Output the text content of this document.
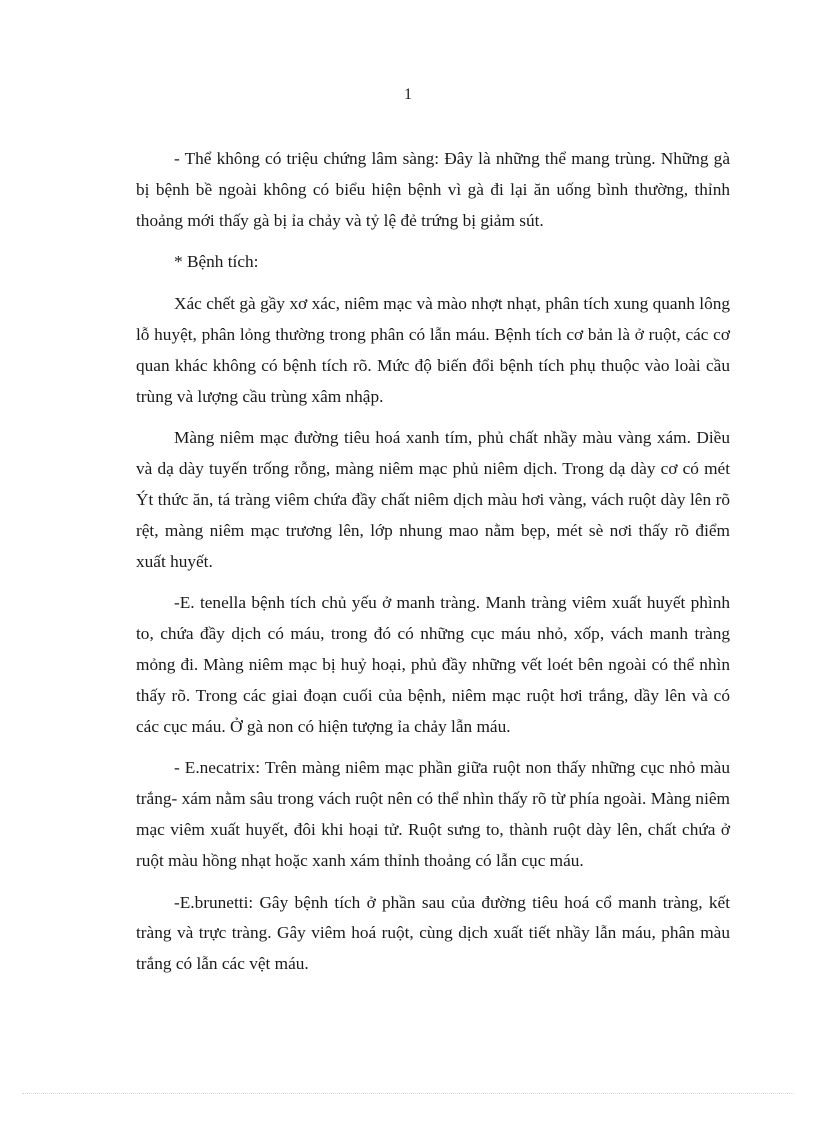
1

- Thể không có triệu chứng lâm sàng: Đây là những thể mang trùng. Những gà bị bệnh bề ngoài không có biểu hiện bệnh vì gà đi lại ăn uống bình thường, thỉnh thoảng mới thấy gà bị ỉa chảy và tỷ lệ đẻ trứng bị giảm sút.

* Bệnh tích:

Xác chết gà gầy xơ xác, niêm mạc và mào nhợt nhạt, phân tích xung quanh lông lỗ huyệt, phân lỏng thường trong phân có lẫn máu. Bệnh tích cơ bản là ở ruột, các cơ quan khác không có bệnh tích rõ. Mức độ biến đổi bệnh tích phụ thuộc vào loài cầu trùng và lượng cầu trùng xâm nhập.

Màng niêm mạc đường tiêu hoá xanh tím, phủ chất nhầy màu vàng xám. Diều và dạ dày tuyến trống rỗng, màng niêm mạc phủ niêm dịch. Trong dạ dày cơ có mét Ýt thức ăn, tá tràng viêm chứa đầy chất niêm dịch màu hơi vàng, vách ruột dày lên rõ rệt, màng niêm mạc trương lên, lớp nhung mao nằm bẹp, mét sè nơi thấy rõ điểm xuất huyết.

-E. tenella bệnh tích chủ yếu ở manh tràng. Manh tràng viêm xuất huyết phình to, chứa đầy dịch có máu, trong đó có những cục máu nhỏ, xốp, vách manh tràng mỏng đi. Màng niêm mạc bị huỷ hoại, phủ đầy những vết loét bên ngoài có thể nhìn thấy rõ. Trong các giai đoạn cuối của bệnh, niêm mạc ruột hơi trắng, dầy lên và có các cục máu. Ở gà non có hiện tượng ỉa chảy lẫn máu.

- E.necatrix: Trên màng niêm mạc phần giữa ruột non thấy những cục nhỏ màu trắng- xám nằm sâu trong vách ruột nên có thể nhìn thấy rõ từ phía ngoài. Màng niêm mạc viêm xuất huyết, đôi khi hoại tử. Ruột sưng to, thành ruột dày lên, chất chứa ở ruột màu hồng nhạt hoặc xanh xám thỉnh thoảng có lẫn cục máu.

-E.brunetti: Gây bệnh tích ở phần sau của đường tiêu hoá cổ manh tràng, kết tràng và trực tràng. Gây viêm hoá ruột, cùng dịch xuất tiết nhầy lẫn máu, phân màu trắng có lẫn các vệt máu.
